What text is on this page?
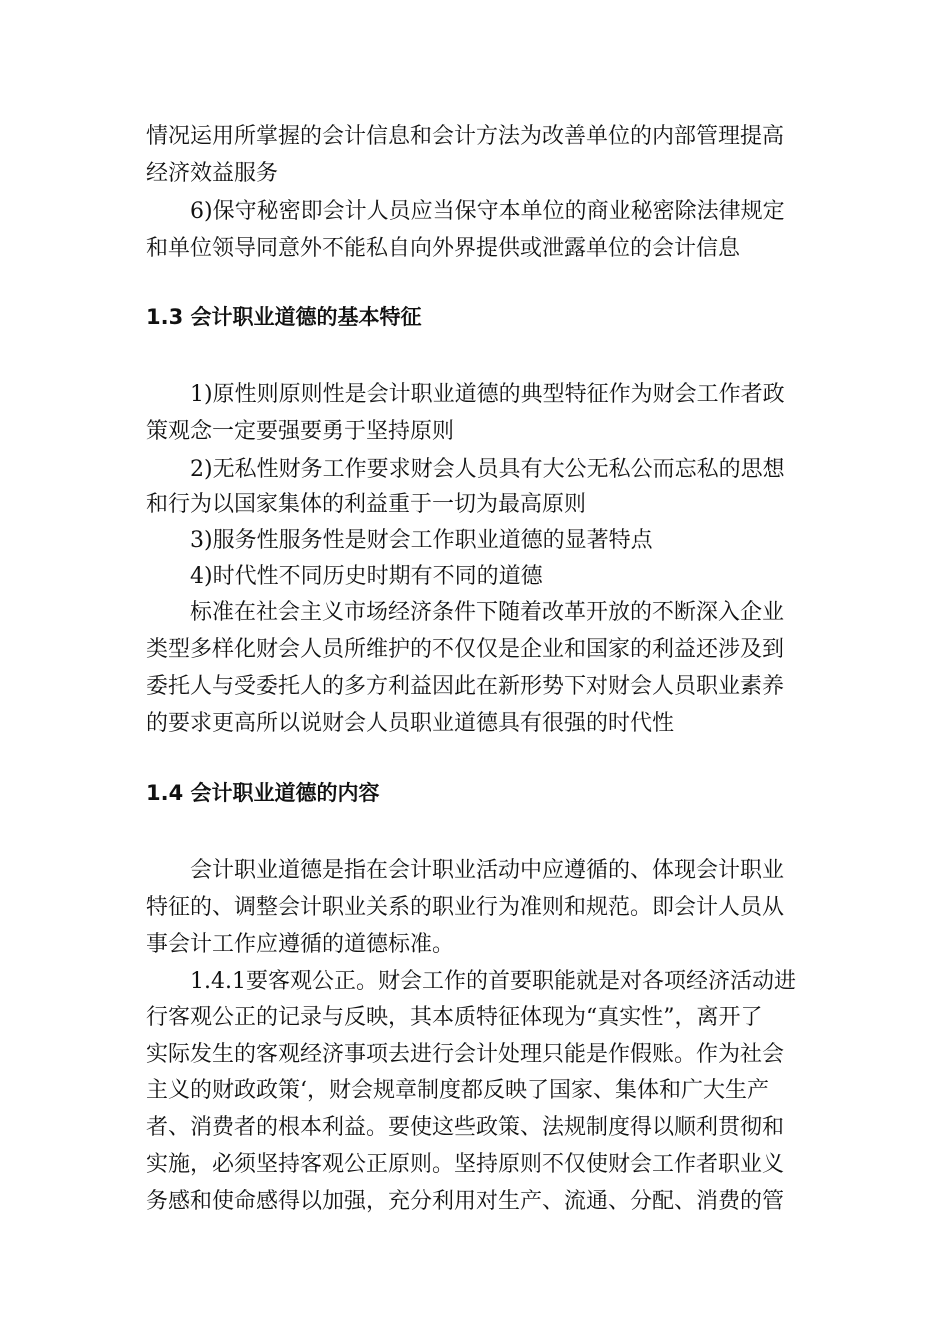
情况运用所掌握的会计信息和会计方法为改善单位的内部管理提高
经济效益服务
6)保守秘密即会计人员应当保守本单位的商业秘密除法律规定
和单位领导同意外不能私自向外界提供或泄露单位的会计信息
1.3 会计职业道德的基本特征
1)原性则原则性是会计职业道德的典型特征作为财会工作者政
策观念一定要强要勇于坚持原则
2)无私性财务工作要求财会人员具有大公无私公而忘私的思想
和行为以国家集体的利益重于一切为最高原则
3)服务性服务性是财会工作职业道德的显著特点
4)时代性不同历史时期有不同的道德
标准在社会主义市场经济条件下随着改革开放的不断深入企业
类型多样化财会人员所维护的不仅仅是企业和国家的利益还涉及到
委托人与受委托人的多方利益因此在新形势下对财会人员职业素养
的要求更高所以说财会人员职业道德具有很强的时代性
1.4 会计职业道德的内容
会计职业道德是指在会计职业活动中应遵循的、体现会计职业
特征的、调整会计职业关系的职业行为准则和规范。即会计人员从
事会计工作应遵循的道德标准。
1.4.1要客观公正。财会工作的首要职能就是对各项经济活动进
行客观公正的记录与反映，其本质特征体现为“真实性”，离开了
实际发生的客观经济事项去进行会计处理只能是作假账。作为社会
主义的财政政策‘，财会规章制度都反映了国家、集体和广大生产
者、消费者的根本利益。要使这些政策、法规制度得以顺利贯彻和
实施，必须坚持客观公正原则。坚持原则不仅使财会工作者职业义
务感和使命感得以加强，充分利用对生产、流通、分配、消费的管
